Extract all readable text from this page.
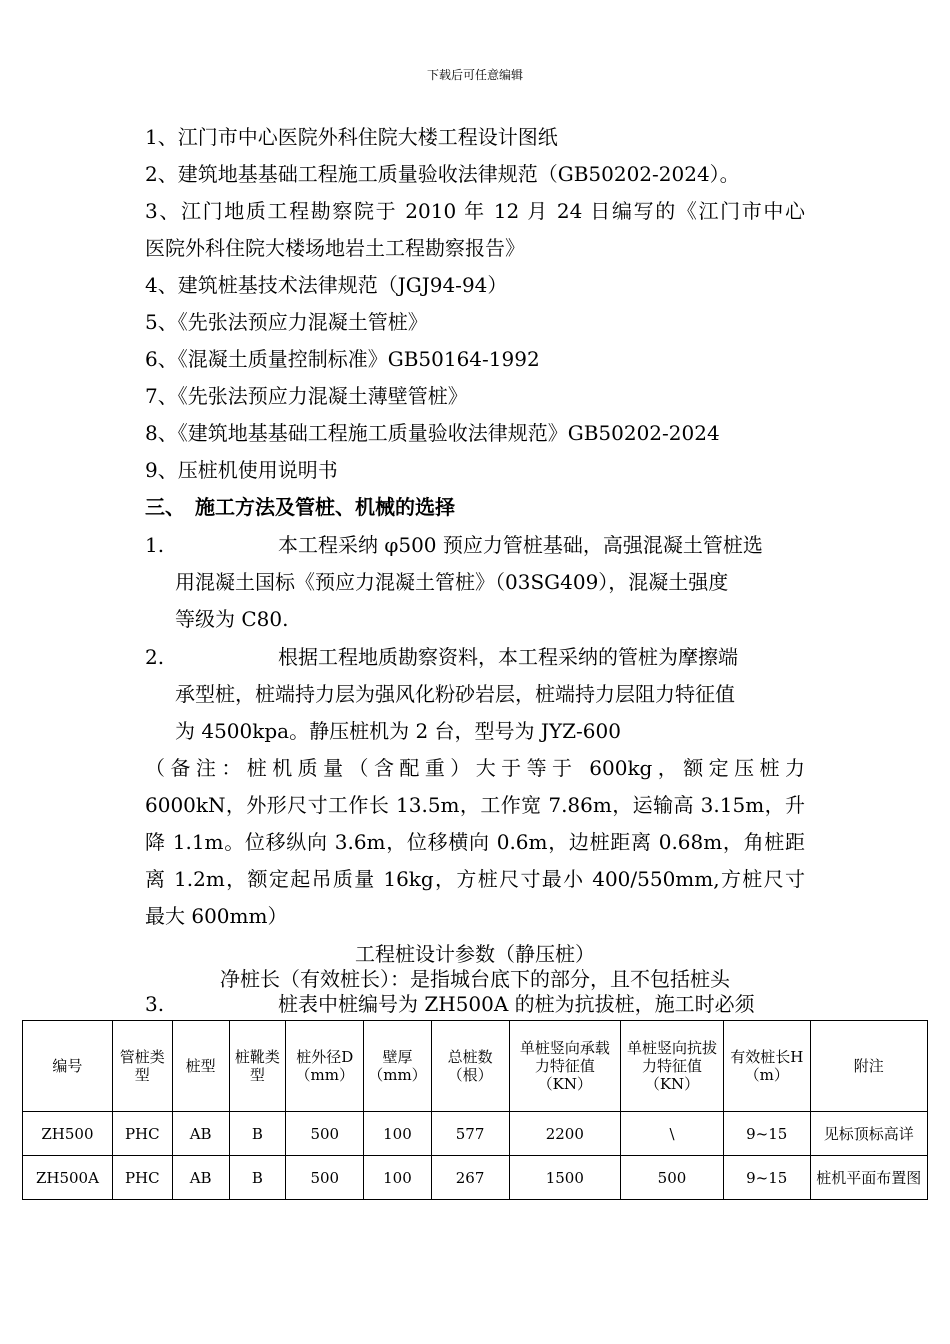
下载后可任意编辑
1、江门市中心医院外科住院大楼工程设计图纸
2、建筑地基基础工程施工质量验收法律规范（GB50202-2024）。
3、江门地质工程勘察院于 2010 年 12 月 24 日编写的《江门市中心
医院外科住院大楼场地岩土工程勘察报告》
4、建筑桩基技术法律规范（JGJ94-94）
5、《先张法预应力混凝土管桩》
6、《混凝土质量控制标准》GB50164-1992
7、《先张法预应力混凝土薄壁管桩》
8、《建筑地基基础工程施工质量验收法律规范》GB50202-2024
9、压桩机使用说明书
三、　施工方法及管桩、机械的选择
1.	本工程采纳 φ500 预应力管桩基础，高强混凝土管桩选
用混凝土国标《预应力混凝土管桩》（03SG409），混凝土强度
等级为 C80.
2.	根据工程地质勘察资料，本工程采纳的管桩为摩擦端
承型桩，桩端持力层为强风化粉砂岩层，桩端持力层阻力特征值
为 4500kpa。静压桩机为 2 台，型号为 JYZ-600
（备注：桩机质量（含配重）大于等于 600kg，额定压桩力
6000kN，外形尺寸工作长 13.5m，工作宽 7.86m，运输高 3.15m，升
降 1.1m。位移纵向 3.6m，位移横向 0.6m，边桩距离 0.68m，角桩距
离 1.2m，额定起吊质量 16kg，方桩尺寸最小 400/550mm,方桩尺寸
最大 600mm）
工程桩设计参数（静压桩）
净桩长（有效桩长）：是指城台底下的部分，且不包括桩头
3.	桩表中桩编号为 ZH500A 的桩为抗拔桩，施工时必须
编号	管桩类型	桩型	桩靴类型	桩外径D（mm）	壁厚（mm）	总桩数（根）	单桩竖向承载力特征值（KN）	单桩竖向抗拔力特征值（KN）	有效桩长H（m）	附注
ZH500	PHC	AB	B	500	100	577	2200	\	9~15	见标顶标高详
ZH500A	PHC	AB	B	500	100	267	1500	500	9~15	桩机平面布置图
